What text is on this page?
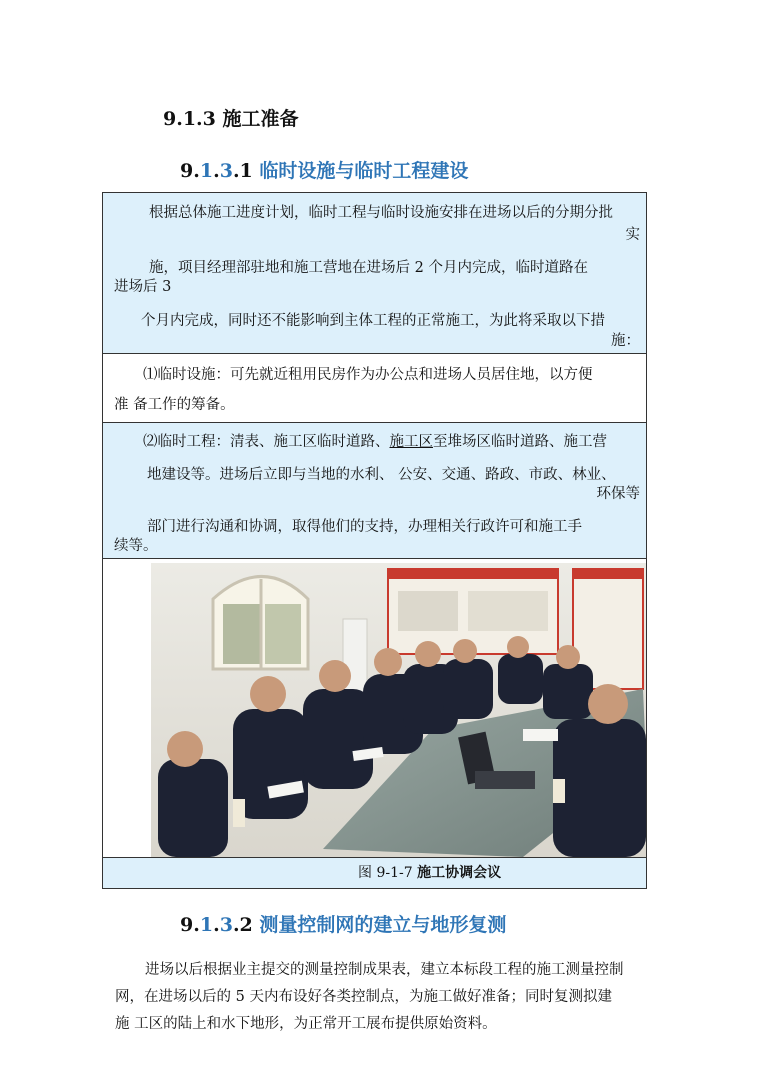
9.1.3 施工准备
9.1.3.1 临时设施与临时工程建设
根据总体施工进度计划，临时工程与临时设施安排在进场以后的分期分批
实
施，项目经理部驻地和施工营地在进场后 2 个月内完成，临时道路在
进场后 3
个月内完成，同时还不能影响到主体工程的正常施工，为此将采取以下措
施：
⑴临时设施：可先就近租用民房作为办公点和进场人员居住地，以方便
准 备工作的筹备。
⑵临时工程：清表、施工区临时道路、施工区至堆场区临时道路、施工营
地建设等。进场后立即与当地的水利、 公安、交通、路政、市政、林业、
环保等
部门进行沟通和协调，取得他们的支持，办理相关行政许可和施工手
续等。
图 9-1-7 施工协调会议
9.1.3.2 测量控制网的建立与地形复测
进场以后根据业主提交的测量控制成果表，建立本标段工程的施工测量控制
网，在进场以后的 5 天内布设好各类控制点，为施工做好准备；同时复测拟建
施 工区的陆上和水下地形，为正常开工展布提供原始资料。
